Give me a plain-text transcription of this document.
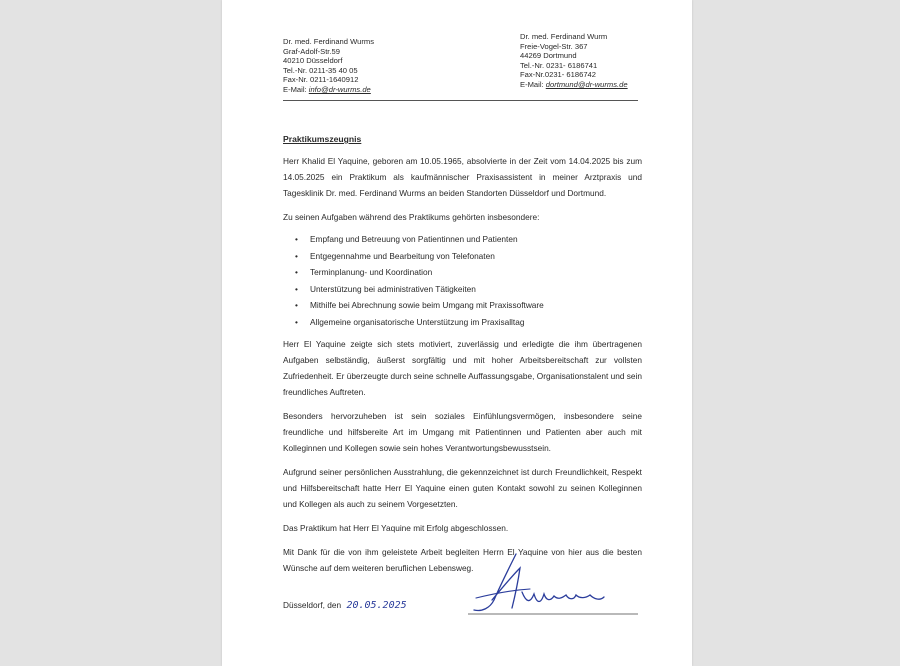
Dr. med. Ferdinand Wurms
Graf-Adolf-Str.59
40210 Düsseldorf
Tel.-Nr. 0211-35 40 05
Fax-Nr. 0211-1640912
E-Mail: info@dr-wurms.de
Dr. med. Ferdinand Wurm
Freie-Vogel-Str. 367
44269 Dortmund
Tel.-Nr. 0231- 6186741
Fax-Nr.0231- 6186742
E-Mail: dortmund@dr-wurms.de

Praktikumszeugnis

Herr Khalid El Yaquine, geboren am 10.05.1965, absolvierte in der Zeit vom 14.04.2025 bis zum 14.05.2025 ein Praktikum als kaufmännischer Praxisassistent in meiner Arztpraxis und Tagesklinik Dr. med. Ferdinand Wurms an beiden Standorten Düsseldorf und Dortmund.

Zu seinen Aufgaben während des Praktikums gehörten insbesondere:

• Empfang und Betreuung von Patientinnen und Patienten
• Entgegennahme und Bearbeitung von Telefonaten
• Terminplanung- und Koordination
• Unterstützung bei administrativen Tätigkeiten
• Mithilfe bei Abrechnung sowie beim Umgang mit Praxissoftware
• Allgemeine organisatorische Unterstützung im Praxisalltag

Herr El Yaquine zeigte sich stets motiviert, zuverlässig und erledigte die ihm übertragenen Aufgaben selbständig, äußerst sorgfältig und mit hoher Arbeitsbereitschaft zur vollsten Zufriedenheit. Er überzeugte durch seine schnelle Auffassungsgabe, Organisationstalent und sein freundliches Auftreten.

Besonders hervorzuheben ist sein soziales Einfühlungsvermögen, insbesondere seine freundliche und hilfsbereite Art im Umgang mit Patientinnen und Patienten aber auch mit Kolleginnen und Kollegen sowie sein hohes Verantwortungsbewusstsein.

Aufgrund seiner persönlichen Ausstrahlung, die gekennzeichnet ist durch Freundlichkeit, Respekt und Hilfsbereitschaft hatte Herr El Yaquine einen guten Kontakt sowohl zu seinen Kolleginnen und Kollegen als auch zu seinem Vorgesetzten.

Das Praktikum hat Herr El Yaquine mit Erfolg abgeschlossen.

Mit Dank für die von ihm geleistete Arbeit begleiten Herrn El Yaquine von hier aus die besten Wünsche auf dem weiteren beruflichen Lebensweg.

Düsseldorf, den 20.05.2025
